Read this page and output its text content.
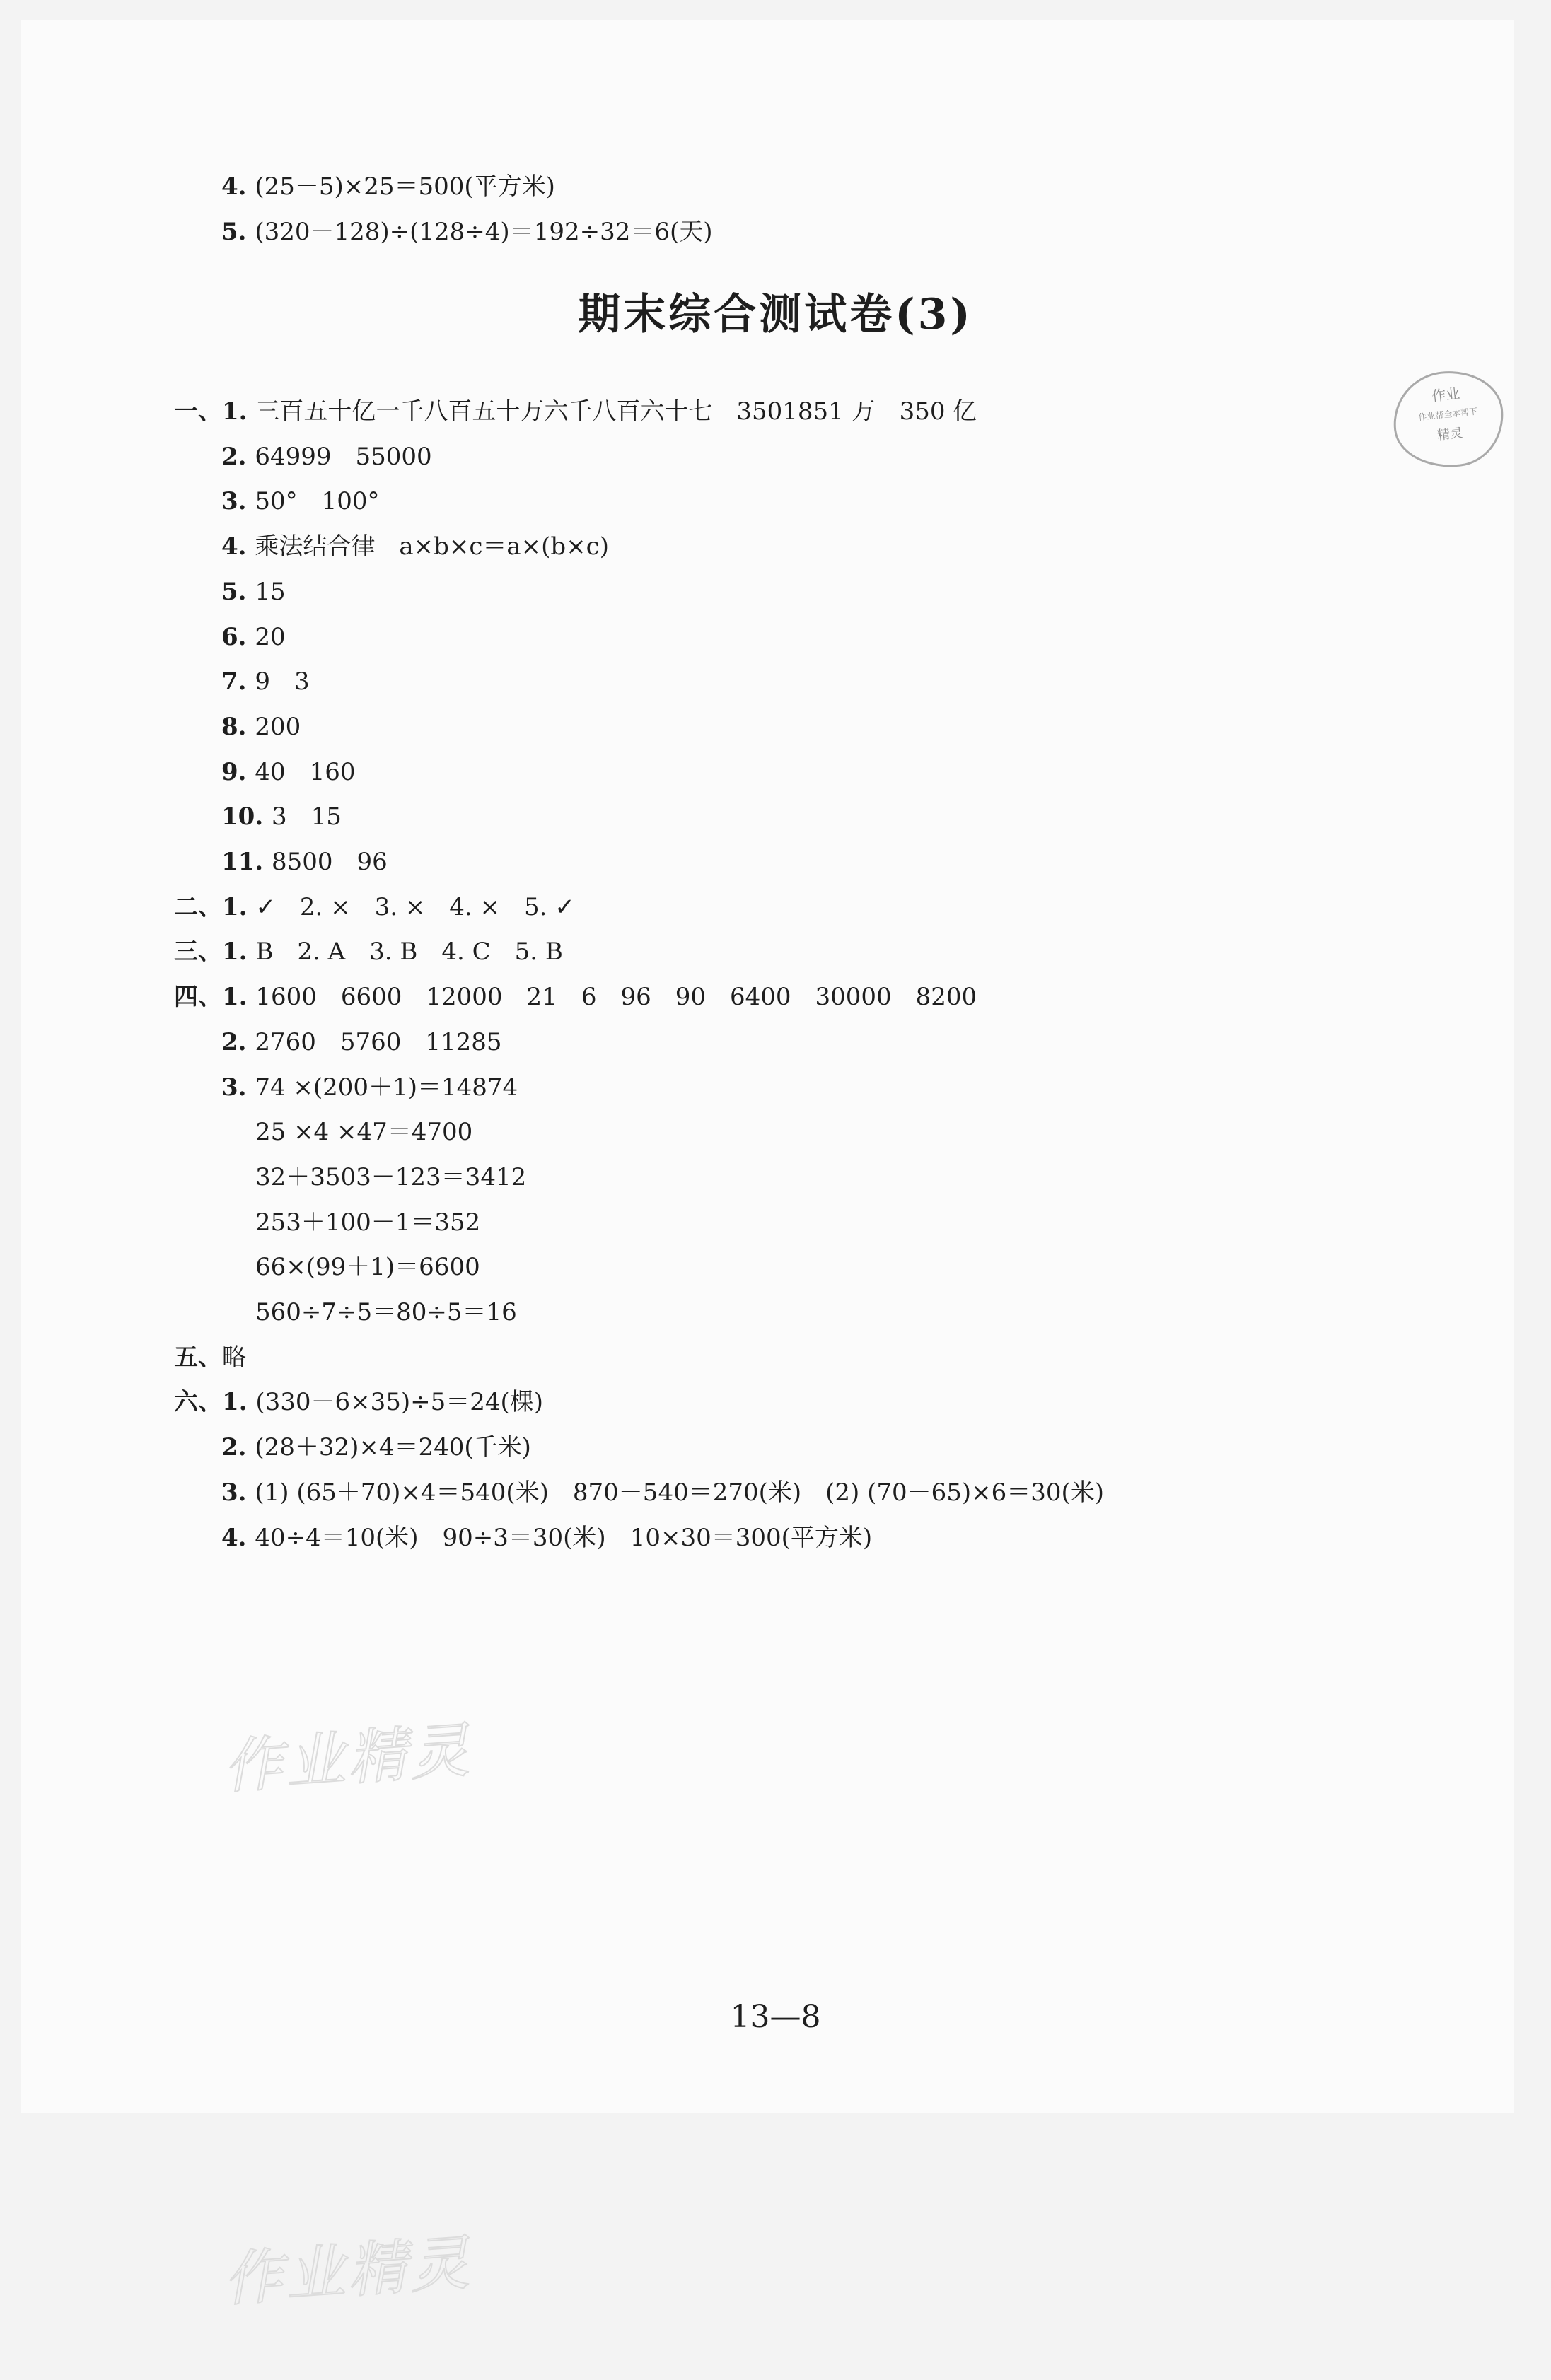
4. (25－5)×25＝500(平方米)
5. (320－128)÷(128÷4)＝192÷32＝6(天)
期末综合测试卷(3)
一、1. 三百五十亿一千八百五十万六千八百六十七　3501851 万　350 亿
2. 64999　55000
3. 50°　100°
4. 乘法结合律　a×b×c＝a×(b×c)
5. 15
6. 20
7. 9　3
8. 200
9. 40　160
10. 3　15
11. 8500　96
二、1. ✓　2. ×　3. ×　4. ×　5. ✓
三、1. B　2. A　3. B　4. C　5. B
四、1. 1600　6600　12000　21　6　96　90　6400　30000　8200
2. 2760　5760　11285
3. 74 ×(200＋1)＝14874
25 ×4 ×47＝4700
32＋3503－123＝3412
253＋100－1＝352
66×(99＋1)＝6600
560÷7÷5＝80÷5＝16
五、略
六、1. (330－6×35)÷5＝24(棵)
2. (28＋32)×4＝240(千米)
3. (1) (65＋70)×4＝540(米)　870－540＝270(米)　(2) (70－65)×6＝30(米)
4. 40÷4＝10(米)　90÷3＝30(米)　10×30＝300(平方米)
作业
作业帮全本帮下
精灵
作业精灵
作业精灵
13—8
